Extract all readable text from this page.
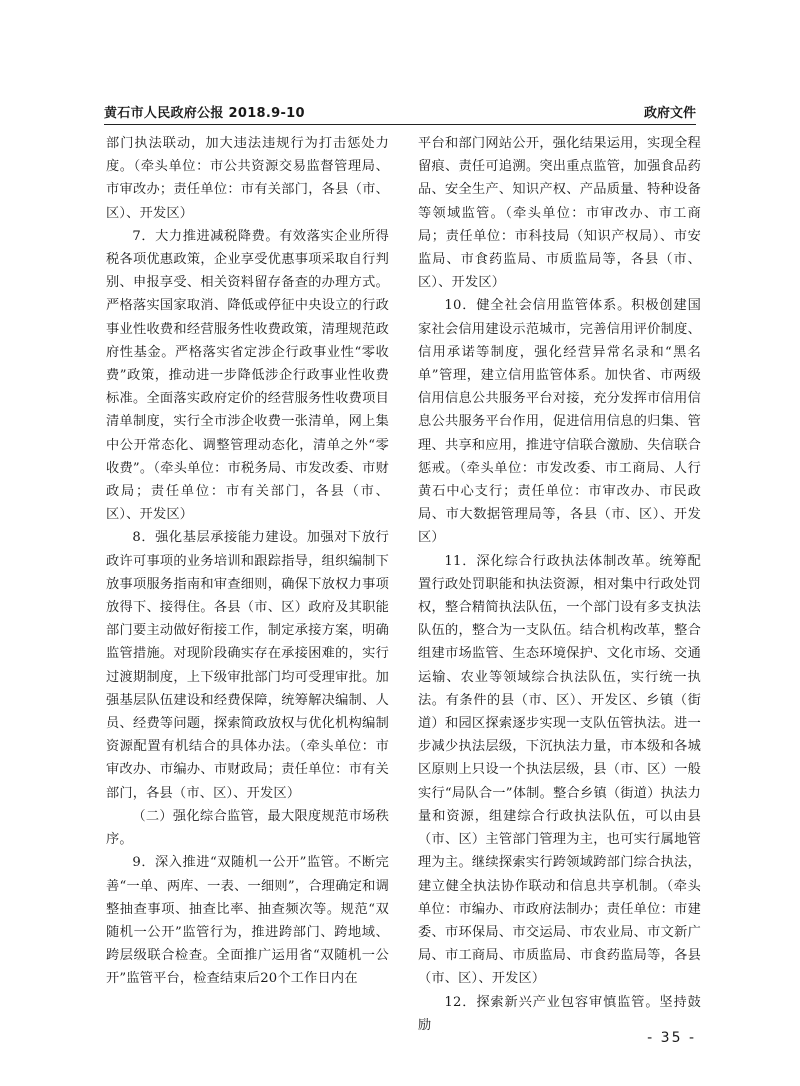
黄石市人民政府公报 2018.9-10	政府文件

部门执法联动，加大违法违规行为打击惩处力度。（牵头单位：市公共资源交易监督管理局、市审改办；责任单位：市有关部门，各县（市、区）、开发区）

7．大力推进减税降费。有效落实企业所得税各项优惠政策，企业享受优惠事项采取自行判别、申报享受、相关资料留存备查的办理方式。严格落实国家取消、降低或停征中央设立的行政事业性收费和经营服务性收费政策，清理规范政府性基金。严格落实省定涉企行政事业性“零收费”政策，推动进一步降低涉企行政事业性收费标准。全面落实政府定价的经营服务性收费项目清单制度，实行全市涉企收费一张清单，网上集中公开常态化、调整管理动态化，清单之外“零收费”。（牵头单位：市税务局、市发改委、市财政局；责任单位：市有关部门，各县（市、区）、开发区）

8．强化基层承接能力建设。加强对下放行政许可事项的业务培训和跟踪指导，组织编制下放事项服务指南和审查细则，确保下放权力事项放得下、接得住。各县（市、区）政府及其职能部门要主动做好衔接工作，制定承接方案，明确监管措施。对现阶段确实存在承接困难的，实行过渡期制度，上下级审批部门均可受理审批。加强基层队伍建设和经费保障，统筹解决编制、人员、经费等问题，探索简政放权与优化机构编制资源配置有机结合的具体办法。（牵头单位：市审改办、市编办、市财政局；责任单位：市有关部门，各县（市、区）、开发区）

（二）强化综合监管，最大限度规范市场秩序。

9．深入推进“双随机一公开”监管。不断完善“一单、两库、一表、一细则”，合理确定和调整抽查事项、抽查比率、抽查频次等。规范“双随机一公开”监管行为，推进跨部门、跨地域、跨层级联合检查。全面推广运用省“双随机一公开”监管平台，检查结束后20个工作日内在

平台和部门网站公开，强化结果运用，实现全程留痕、责任可追溯。突出重点监管，加强食品药品、安全生产、知识产权、产品质量、特种设备等领域监管。（牵头单位：市审改办、市工商局；责任单位：市科技局（知识产权局）、市安监局、市食药监局、市质监局等，各县（市、区）、开发区）

10．健全社会信用监管体系。积极创建国家社会信用建设示范城市，完善信用评价制度、信用承诺等制度，强化经营异常名录和“黑名单”管理，建立信用监管体系。加快省、市两级信用信息公共服务平台对接，充分发挥市信用信息公共服务平台作用，促进信用信息的归集、管理、共享和应用，推进守信联合激励、失信联合惩戒。（牵头单位：市发改委、市工商局、人行黄石中心支行；责任单位：市审改办、市民政局、市大数据管理局等，各县（市、区）、开发区）

11．深化综合行政执法体制改革。统筹配置行政处罚职能和执法资源，相对集中行政处罚权，整合精简执法队伍，一个部门设有多支执法队伍的，整合为一支队伍。结合机构改革，整合组建市场监管、生态环境保护、文化市场、交通运输、农业等领域综合执法队伍，实行统一执法。有条件的县（市、区）、开发区、乡镇（街道）和园区探索逐步实现一支队伍管执法。进一步减少执法层级，下沉执法力量，市本级和各城区原则上只设一个执法层级，县（市、区）一般实行“局队合一”体制。整合乡镇（街道）执法力量和资源，组建综合行政执法队伍，可以由县（市、区）主管部门管理为主，也可实行属地管理为主。继续探索实行跨领域跨部门综合执法，建立健全执法协作联动和信息共享机制。（牵头单位：市编办、市政府法制办；责任单位：市建委、市环保局、市交运局、市农业局、市文新广局、市工商局、市质监局、市食药监局等，各县（市、区）、开发区）

12．探索新兴产业包容审慎监管。坚持鼓励

- 35 -
